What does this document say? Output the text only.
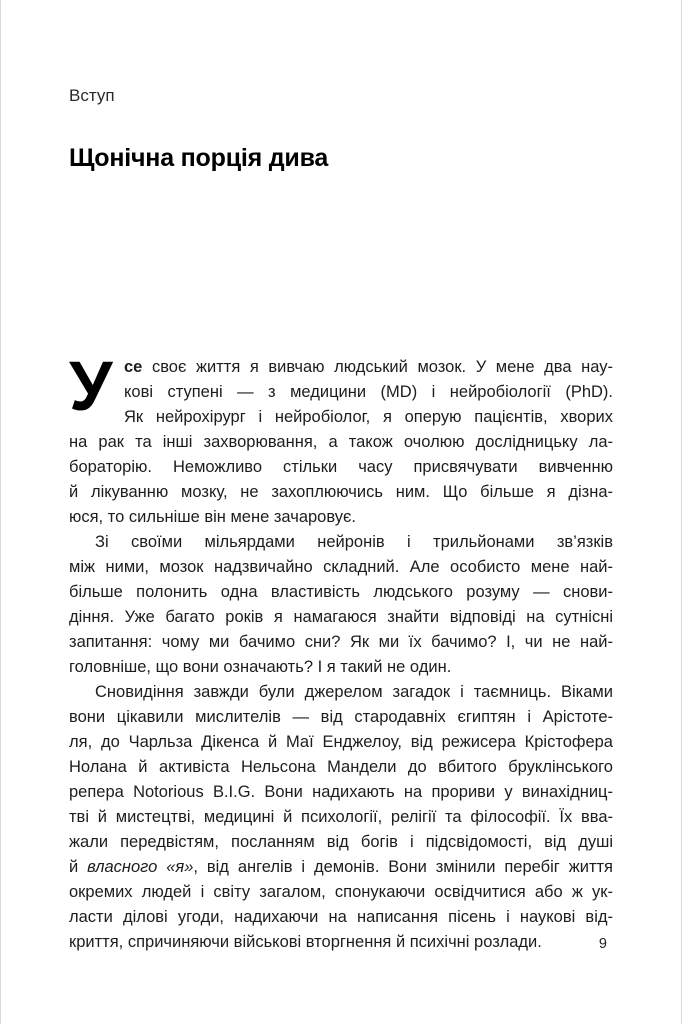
Вступ
Щонічна порція дива
У се своє життя я вивчаю людський мозок. У мене два нау-
кові ступені — з медицини (MD) і нейробіології (PhD).
Як нейрохірург і нейробіолог, я оперую пацієнтів, хворих
на рак та інші захворювання, а також очолюю дослідницьку ла-
бораторію. Неможливо стільки часу присвячувати вивченню
й лікуванню мозку, не захоплюючись ним. Що більше я дізна-
юся, то сильніше він мене зачаровує.
Зі своїми мільярдами нейронів і трильйонами зв’язків
між ними, мозок надзвичайно складний. Але особисто мене най-
більше полонить одна властивість людського розуму — снови-
діння. Уже багато років я намагаюся знайти відповіді на сутнісні
запитання: чому ми бачимо сни? Як ми їх бачимо? І, чи не най-
головніше, що вони означають? І я такий не один.
Сновидіння завжди були джерелом загадок і таємниць. Віками
вони цікавили мислителів — від стародавніх єгиптян і Арістоте-
ля, до Чарльза Дікенса й Маї Енджелоу, від режисера Крістофера
Нолана й активіста Нельсона Мандели до вбитого бруклінського
репера Notorious B.I.G. Вони надихають на прориви у винахідниц-
тві й мистецтві, медицині й психології, релігії та філософії. Їх вва-
жали передвістям, посланням від богів і підсвідомості, від душі
й власного «я», від ангелів і демонів. Вони змінили перебіг життя
окремих людей і світу загалом, спонукаючи освідчитися або ж ук-
ласти ділові угоди, надихаючи на написання пісень і наукові від-
криття, спричиняючи військові вторгнення й психічні розлади.	9
